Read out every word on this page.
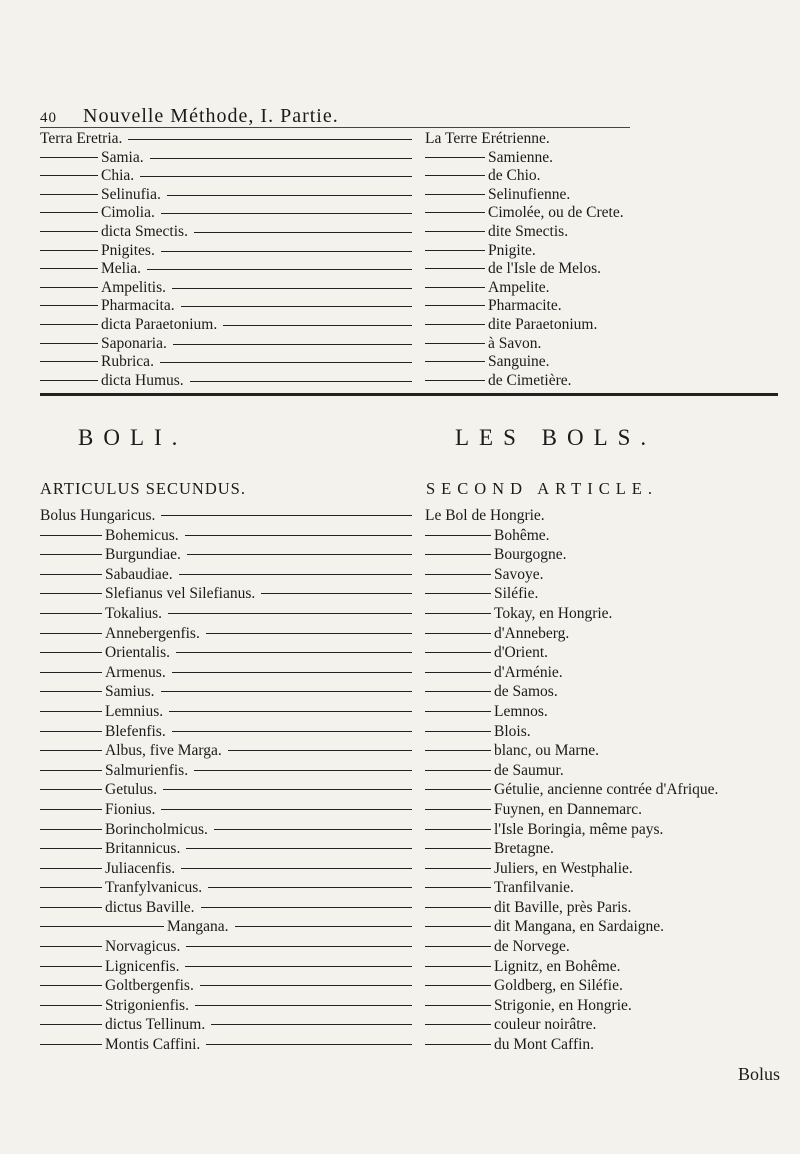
40 Nouvelle Méthode, I. Partie.
Terra Eretria.
Samia.
Chia.
Selinufia.
Cimolia.
dicta Smectis.
Pnigites.
Melia.
Ampelitis.
Pharmacita.
dicta Paraetonium.
Saponaria.
Rubrica.
dicta Humus.
La Terre Erétrienne.
Samienne.
de Chio.
Selinufienne.
Cimolée, ou de Crete.
dite Smectis.
Pnigite.
de l'Isle de Melos.
Ampelite.
Pharmacite.
dite Paraetonium.
à Savon.
Sanguine.
de Cimetière.
BOLI.
ARTICULUS SECUNDUS.
LES BOLS.
SECOND ARTICLE.
Bolus Hungaricus.
Bohemicus.
Burgundiae.
Sabaudiae.
Slefianus vel Silefianus.
Tokalius.
Annebergenfis.
Orientalis.
Armenus.
Samius.
Lemnius.
Blefenfis.
Albus, five Marga.
Salmurienfis.
Getulus.
Fionius.
Borincholmicus.
Britannicus.
Juliacenfis.
Tranfylvanicus.
dictus Baville.
Mangana.
Norvagicus.
Lignicenfis.
Goltbergenfis.
Strigonienfis.
dictus Tellinum.
Montis Caffini.
Le Bol de Hongrie.
Bohême.
Bourgogne.
Savoye.
Siléfie.
Tokay, en Hongrie.
d'Anneberg.
d'Orient.
d'Arménie.
de Samos.
Lemnos.
Blois.
blanc, ou Marne.
de Saumur.
Gétulie, ancienne contrée d'Afrique.
Fuynen, en Dannemarc.
l'Isle Boringia, même pays.
Bretagne.
Juliers, en Westphalie.
Tranfilvanie.
dit Baville, près Paris.
dit Mangana, en Sardaigne.
de Norvege.
Lignitz, en Bohême.
Goldberg, en Siléfie.
Strigonie, en Hongrie.
couleur noirâtre.
du Mont Caffin.
Bolus
